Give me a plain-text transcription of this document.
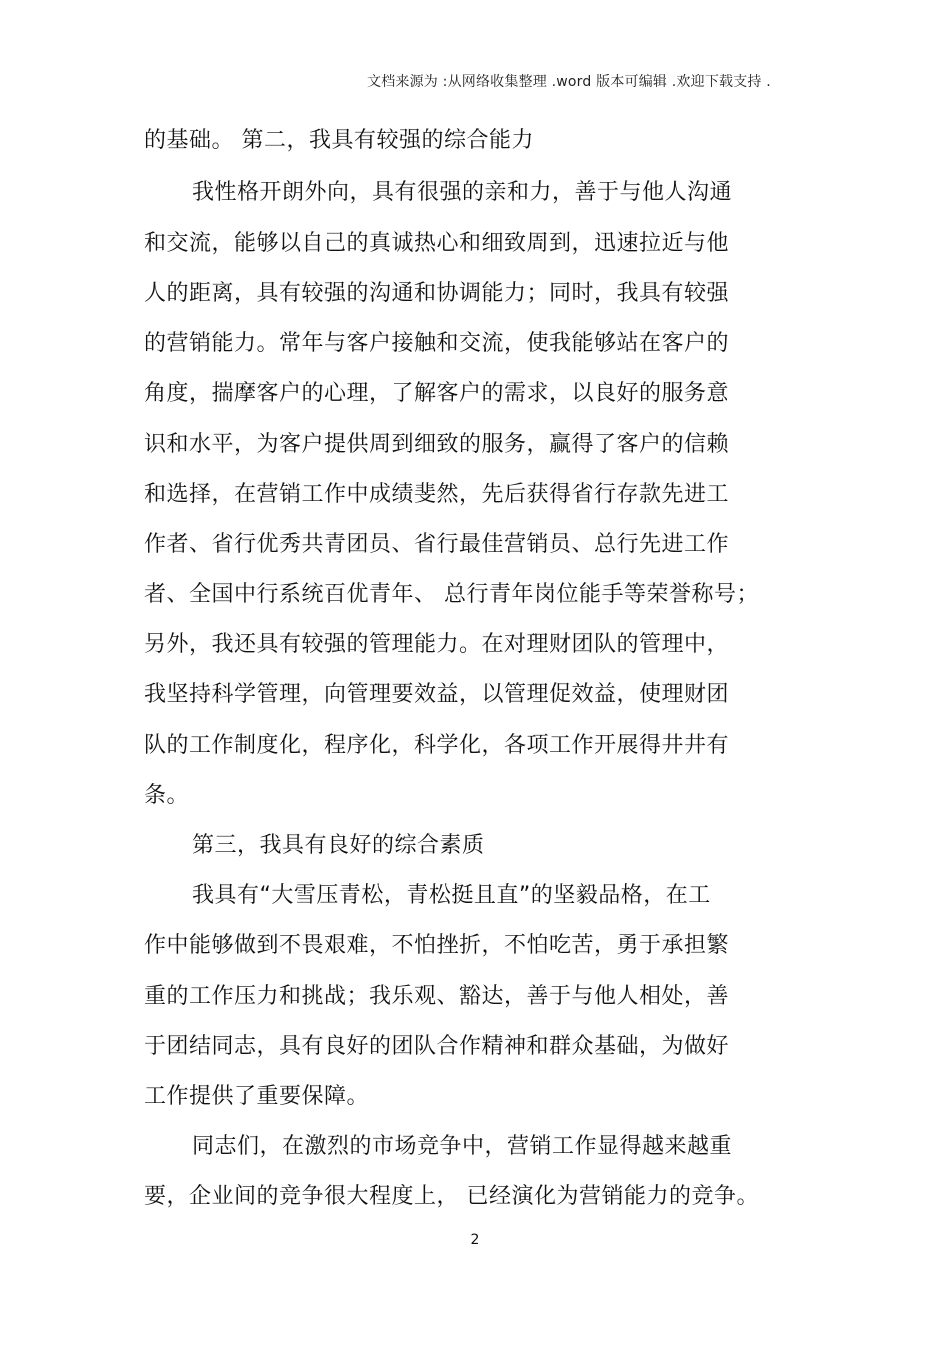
文档来源为 :从网络收集整理 .word 版本可编辑 .欢迎下载支持 .
的基础。 第二，我具有较强的综合能力
我性格开朗外向，具有很强的亲和力，善于与他人沟通
和交流，能够以自己的真诚热心和细致周到，迅速拉近与他
人的距离，具有较强的沟通和协调能力；同时，我具有较强
的营销能力。常年与客户接触和交流，使我能够站在客户的
角度，揣摩客户的心理，了解客户的需求，以良好的服务意
识和水平，为客户提供周到细致的服务，赢得了客户的信赖
和选择，在营销工作中成绩斐然，先后获得省行存款先进工
作者、省行优秀共青团员、省行最佳营销员、总行先进工作
者、全国中行系统百优青年、 总行青年岗位能手等荣誉称号；
另外，我还具有较强的管理能力。在对理财团队的管理中，
我坚持科学管理，向管理要效益，以管理促效益，使理财团
队的工作制度化，程序化，科学化，各项工作开展得井井有
条。
第三，我具有良好的综合素质
我具有“大雪压青松，青松挺且直”的坚毅品格，在工
作中能够做到不畏艰难，不怕挫折，不怕吃苦，勇于承担繁
重的工作压力和挑战；我乐观、豁达，善于与他人相处，善
于团结同志，具有良好的团队合作精神和群众基础，为做好
工作提供了重要保障。
同志们，在激烈的市场竞争中，营销工作显得越来越重
要，企业间的竞争很大程度上， 已经演化为营销能力的竞争。
2
